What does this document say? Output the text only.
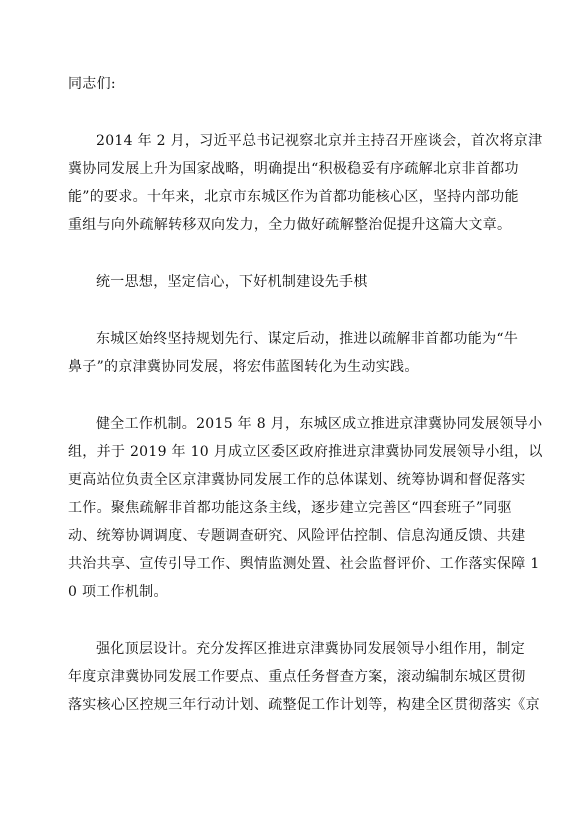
同志们:
2014 年 2 月，习近平总书记视察北京并主持召开座谈会，首次将京津
冀协同发展上升为国家战略，明确提出“积极稳妥有序疏解北京非首都功
能”的要求。十年来，北京市东城区作为首都功能核心区，坚持内部功能
重组与向外疏解转移双向发力，全力做好疏解整治促提升这篇大文章。
统一思想，坚定信心，下好机制建设先手棋
东城区始终坚持规划先行、谋定后动，推进以疏解非首都功能为“牛
鼻子”的京津冀协同发展，将宏伟蓝图转化为生动实践。
健全工作机制。2015 年 8 月，东城区成立推进京津冀协同发展领导小
组，并于 2019 年 10 月成立区委区政府推进京津冀协同发展领导小组，以
更高站位负责全区京津冀协同发展工作的总体谋划、统筹协调和督促落实
工作。聚焦疏解非首都功能这条主线，逐步建立完善区“四套班子”同驱
动、统筹协调调度、专题调查研究、风险评估控制、信息沟通反馈、共建
共治共享、宣传引导工作、舆情监测处置、社会监督评价、工作落实保障 1
0 项工作机制。
强化顶层设计。充分发挥区推进京津冀协同发展领导小组作用，制定
年度京津冀协同发展工作要点、重点任务督查方案，滚动编制东城区贯彻
落实核心区控规三年行动计划、疏整促工作计划等，构建全区贯彻落实《京
